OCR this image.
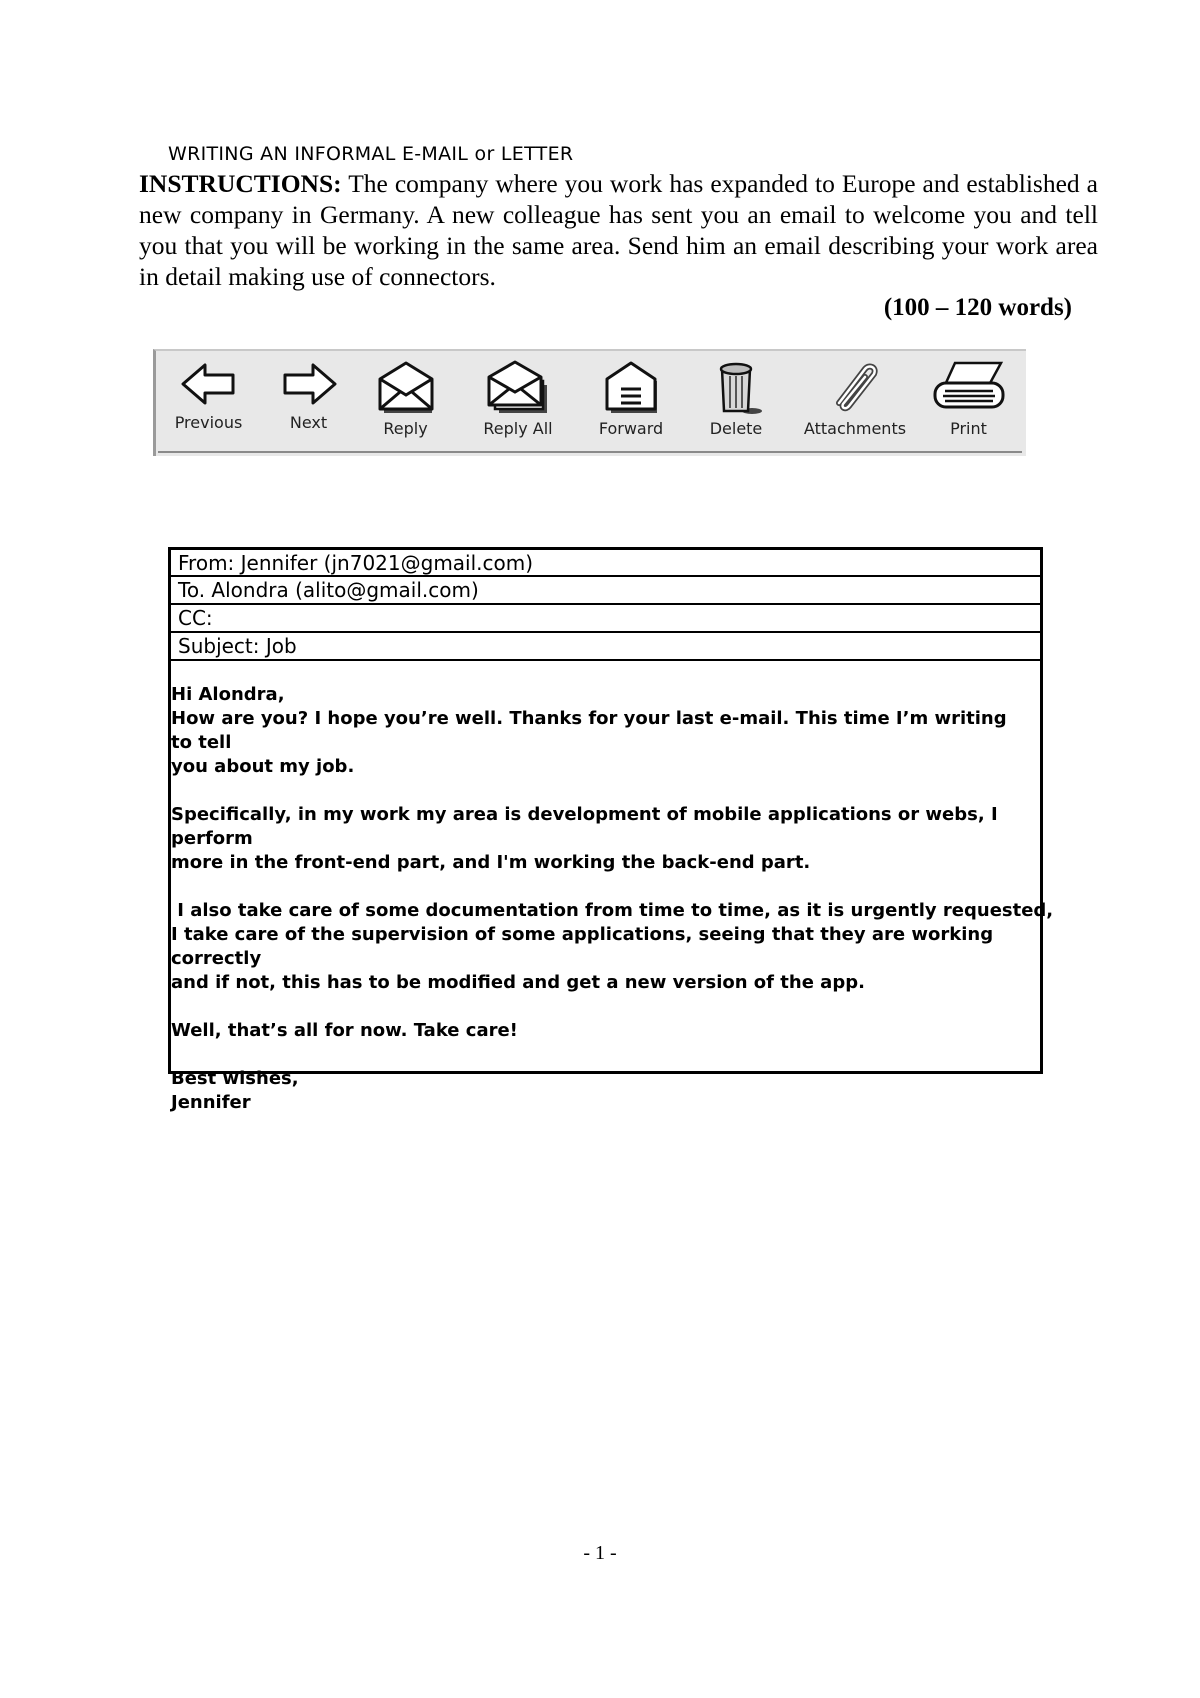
WRITING AN INFORMAL E-MAIL or LETTER
INSTRUCTIONS: The company where you work has expanded to Europe and established a new company in Germany. A new colleague has sent you an email to welcome you and tell you that you will be working in the same area. Send him an email describing your work area in detail making use of connectors.
(100 – 120 words)
Previous	Next	Reply	Reply All	Forward	Delete	Attachments	Print
From: Jennifer (jn7021@gmail.com)
To. Alondra (alito@gmail.com)
CC:
Subject: Job

Hi Alondra,
How are you? I hope you’re well. Thanks for your last e-mail. This time I’m writing to tell
you about my job.

Specifically, in my work my area is development of mobile applications or webs, I perform
more in the front-end part, and I'm working the back-end part.

I also take care of some documentation from time to time, as it is urgently requested,
I take care of the supervision of some applications, seeing that they are working correctly
and if not, this has to be modified and get a new version of the app.

Well, that’s all for now. Take care!

Best wishes,
Jennifer

- 1 -
